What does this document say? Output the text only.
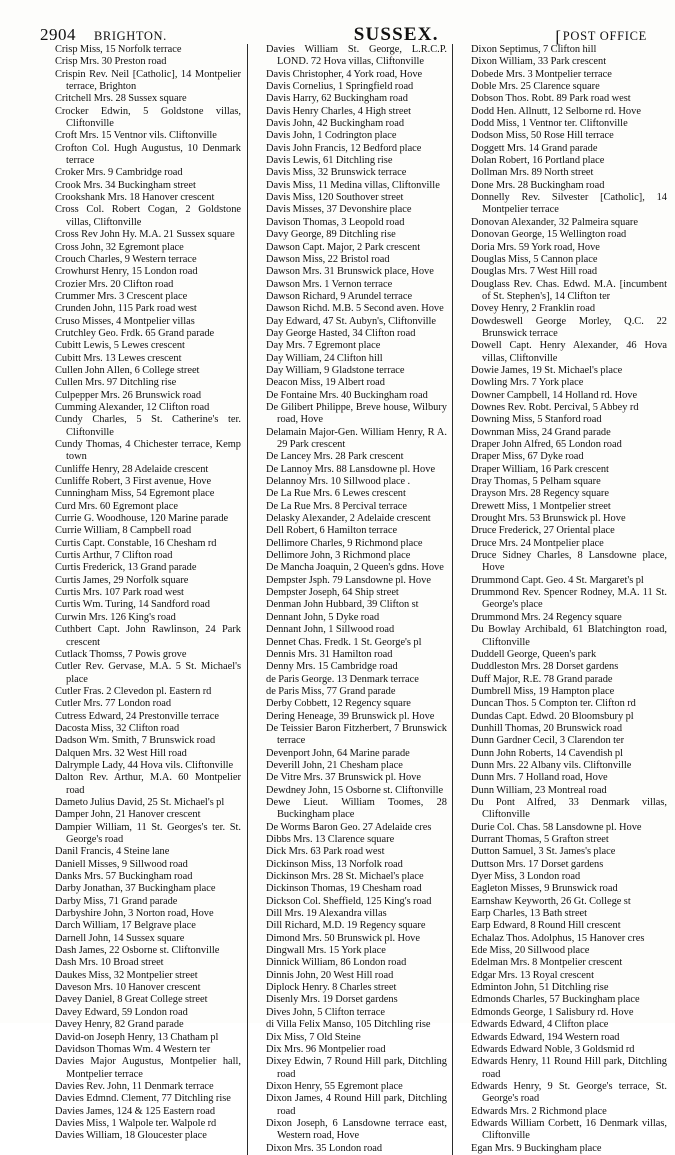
2904 BRIGHTON.	SUSSEX.	[POST OFFICE

Crisp Miss, 15 Norfolk terrace

Crisp Mrs. 30 Preston road

Crispin Rev. Neil [Catholic], 14 Montpelier terrace, Brighton

Critchell Mrs. 28 Sussex square

Crocker Edwin, 5 Goldstone villas, Cliftonville

Croft Mrs. 15 Ventnor vils. Cliftonville

Crofton Col. Hugh Augustus, 10 Denmark terrace

Croker Mrs. 9 Cambridge road

Crook Mrs. 34 Buckingham street

Crookshank Mrs. 18 Hanover crescent

Cross Col. Robert Cogan, 2 Goldstone villas, Cliftonville

Cross Rev John Hy. M.A. 21 Sussex square

Cross John, 32 Egremont place

Crouch Charles, 9 Western terrace

Crowhurst Henry, 15 London road

Crozier Mrs. 20 Clifton road

Crummer Mrs. 3 Crescent place

Crunden John, 115 Park road west

Cruso Misses, 4 Montpelier villas

Crutchley Geo. Frdk. 65 Grand parade

Cubitt Lewis, 5 Lewes crescent

Cubitt Mrs. 13 Lewes crescent

Cullen John Allen, 6 College street

Cullen Mrs. 97 Ditchling rise

Culpepper Mrs. 26 Brunswick road

Cumming Alexander, 12 Clifton road

Cundy Charles, 5 St. Catherine's ter. Cliftonville

Cundy Thomas, 4 Chichester terrace, Kemp town

Cunliffe Henry, 28 Adelaide crescent

Cunliffe Robert, 3 First avenue, Hove

Cunningham Miss, 54 Egremont place

Curd Mrs. 60 Egremont place

Currie G. Woodhouse, 120 Marine parade

Currie William, 8 Campbell road

Curtis Capt. Constable, 16 Chesham rd

Curtis Arthur, 7 Clifton road

Curtis Frederick, 13 Grand parade

Curtis James, 29 Norfolk square

Curtis Mrs. 107 Park road west

Curtis Wm. Turing, 14 Sandford road

Curwin Mrs. 126 King's road

Cuthbert Capt. John Rawlinson, 24 Park crescent

Cutlack Thomss, 7 Powis grove

Cutler Rev. Gervase, M.A. 5 St. Michael's place

Cutler Fras. 2 Clevedon pl. Eastern rd

Cutler Mrs. 77 London road

Cutress Edward, 24 Prestonville terrace

Dacosta Miss, 32 Clifton road

Dadson Wm. Smith, 7 Brunswick road

Dalquen Mrs. 32 West Hill road

Dalrymple Lady, 44 Hova vils. Cliftonville

Dalton Rev. Arthur, M.A. 60 Montpelier road

Dameto Julius David, 25 St. Michael's pl

Damper John, 21 Hanover crescent

Dampier William, 11 St. Georges's ter. St. George's road

Danil Francis, 4 Steine lane

Daniell Misses, 9 Sillwood road

Danks Mrs. 57 Buckingham road

Darby Jonathan, 37 Buckingham place

Darby Miss, 71 Grand parade

Darbyshire John, 3 Norton road, Hove

Darch William, 17 Belgrave place

Darnell John, 14 Sussex square

Dash James, 22 Osborne st. Cliftonville

Dash Mrs. 10 Broad street

Daukes Miss, 32 Montpelier street

Daveson Mrs. 10 Hanover crescent

Davey Daniel, 8 Great College street

Davey Edward, 59 London road

Davey Henry, 82 Grand parade

David-on Joseph Henry, 13 Chatham pl

Davidson Thomas Wm. 4 Western ter

Davies Major Augustus, Montpelier hall, Montpelier terrace

Davies Rev. John, 11 Denmark terrace

Davies Edmnd. Clement, 77 Ditchling rise

Davies James, 124 & 125 Eastern road

Davies Miss, 1 Walpole ter. Walpole rd

Davies William, 18 Gloucester place

Davies William St. George, L.R.C.P. LOND. 72 Hova villas, Cliftonville

Davis Christopher, 4 York road, Hove

Davis Cornelius, 1 Springfield road

Davis Harry, 62 Buckingham road

Davis Henry Charles, 4 High street

Davis John, 42 Buckingham road

Davis John, 1 Codrington place

Davis John Francis, 12 Bedford place

Davis Lewis, 61 Ditchling rise

Davis Miss, 32 Brunswick terrace

Davis Miss, 11 Medina villas, Cliftonville

Davis Miss, 120 Southover street

Davis Misses, 37 Devonshire place

Davison Thomas, 3 Leopold road

Davy George, 89 Ditchling rise

Dawson Capt. Major, 2 Park crescent

Dawson Miss, 22 Bristol road

Dawson Mrs. 31 Brunswick place, Hove

Dawson Mrs. 1 Vernon terrace

Dawson Richard, 9 Arundel terrace

Dawson Richd. M.B. 5 Second aven. Hove

Day Edward, 47 St. Aubyn's, Cliftonville

Day George Hasted, 34 Clifton road

Day Mrs. 7 Egremont place

Day William, 24 Clifton hill

Day William, 9 Gladstone terrace

Deacon Miss, 19 Albert road

De Fontaine Mrs. 40 Buckingham road

De Gilibert Philippe, Breve house, Wilbury road, Hove

Delamain Major-Gen. William Henry, R A. 29 Park crescent

De Lancey Mrs. 28 Park crescent

De Lannoy Mrs. 88 Lansdowne pl. Hove

Delannoy Mrs. 10 Sillwood place .

De La Rue Mrs. 6 Lewes crescent

De La Rue Mrs. 8 Percival terrace

Delasky Alexander, 2 Adelaide crescent

Dell Robert, 6 Hamilton terrace

Dellimore Charles, 9 Richmond place

Dellimore John, 3 Richmond place

De Mancha Joaquin, 2 Queen's gdns. Hove

Dempster Jsph. 79 Lansdowne pl. Hove

Dempster Joseph, 64 Ship street

Denman John Hubbard, 39 Clifton st

Dennant John, 5 Dyke road

Dennant John, 1 Sillwood road

Dennet Chas. Fredk. 1 St. George's pl

Dennis Mrs. 31 Hamilton road

Denny Mrs. 15 Cambridge road

de Paris George. 13 Denmark terrace

de Paris Miss, 77 Grand parade

Derby Cobbett, 12 Regency square

Dering Heneage, 39 Brunswick pl. Hove

De Teissier Baron Fitzherbert, 7 Brunswick terrace

Devenport John, 64 Marine parade

Deverill John, 21 Chesham place

De Vitre Mrs. 37 Brunswick pl. Hove

Dewdney John, 15 Osborne st. Cliftonville

Dewe Lieut. William Toomes, 28 Buckingham place

De Worms Baron Geo. 27 Adelaide cres

Dibbs Mrs. 13 Clarence square

Dick Mrs. 63 Park road west

Dickinson Miss, 13 Norfolk road

Dickinson Mrs. 28 St. Michael's place

Dickinson Thomas, 19 Chesham road

Dickson Col. Sheffield, 125 King's road

Dill Mrs. 19 Alexandra villas

Dill Richard, M.D. 19 Regency square

Dimond Mrs. 50 Brunswick pl. Hove

Dingwall Mrs. 15 York place

Dinnick William, 86 London road

Dinnis John, 20 West Hill road

Diplock Henry. 8 Charles street

Disenly Mrs. 19 Dorset gardens

Dives John, 5 Clifton terrace

di Villa Felix Manso, 105 Ditchling rise

Dix Miss, 7 Old Steine

Dix Mrs. 96 Montpelier road

Dixey Edwin, 7 Round Hill park, Ditchling road

Dixon Henry, 55 Egremont place

Dixon James, 4 Round Hill park, Ditchling road

Dixon Joseph, 6 Lansdowne terrace east, Western road, Hove

Dixon Mrs. 35 London road

Dixon Septimus, 7 Clifton hill

Dixon William, 33 Park crescent

Dobede Mrs. 3 Montpelier terrace

Doble Mrs. 25 Clarence square

Dobson Thos. Robt. 89 Park road west

Dodd Hen. Allnutt, 12 Selborne rd. Hove

Dodd Miss, 1 Ventnor ter. Cliftonville

Dodson Miss, 50 Rose Hill terrace

Doggett Mrs. 14 Grand parade

Dolan Robert, 16 Portland place

Dollman Mrs. 89 North street

Done Mrs. 28 Buckingham road

Donnelly Rev. Silvester [Catholic], 14 Montpelier terrace

Donovan Alexander, 32 Palmeira square

Donovan George, 15 Wellington road

Doria Mrs. 59 York road, Hove

Douglas Miss, 5 Cannon place

Douglas Mrs. 7 West Hill road

Douglass Rev. Chas. Edwd. M.A. [incumbent of St. Stephen's], 14 Clifton ter

Dovey Henry, 2 Franklin road

Dowdeswell George Morley, Q.C. 22 Brunswick terrace

Dowell Capt. Henry Alexander, 46 Hova villas, Cliftonville

Dowie James, 19 St. Michael's place

Dowling Mrs. 7 York place

Downer Campbell, 14 Holland rd. Hove

Downes Rev. Robt. Percival, 5 Abbey rd

Downing Miss, 5 Stanford road

Downman Miss, 24 Grand parade

Draper John Alfred, 65 London road

Draper Miss, 67 Dyke road

Draper William, 16 Park crescent

Dray Thomas, 5 Pelham square

Drayson Mrs. 28 Regency square

Drewett Miss, 1 Montpelier street

Drought Mrs. 53 Brunswick pl. Hove

Druce Frederick, 27 Oriental place

Druce Mrs. 24 Montpelier place

Druce Sidney Charles, 8 Lansdowne place, Hove

Drummond Capt. Geo. 4 St. Margaret's pl

Drummond Rev. Spencer Rodney, M.A. 11 St. George's place

Drummond Mrs. 24 Regency square

Du Bowlay Archibald, 61 Blatchington road, Cliftonville

Duddell George, Queen's park

Duddleston Mrs. 28 Dorset gardens

Duff Major, R.E. 78 Grand parade

Dumbrell Miss, 19 Hampton place

Duncan Thos. 5 Compton ter. Clifton rd

Dundas Capt. Edwd. 20 Bloomsbury pl

Dunhill Thomas, 20 Brunswick road

Dunn Gardner Cecil, 3 Clarendon ter

Dunn John Roberts, 14 Cavendish pl

Dunn Mrs. 22 Albany vils. Cliftonville

Dunn Mrs. 7 Holland road, Hove

Dunn William, 23 Montreal road

Du Pont Alfred, 33 Denmark villas, Cliftonville

Durie Col. Chas. 58 Lansdowne pl. Hove

Durrant Thomas, 5 Grafton street

Dutton Samuel, 3 St. James's place

Duttson Mrs. 17 Dorset gardens

Dyer Miss, 3 London road

Eagleton Misses, 9 Brunswick road

Earnshaw Keyworth, 26 Gt. College st

Earp Charles, 13 Bath street

Earp Edward, 8 Round Hill crescent

Echalaz Thos. Adolphus, 15 Hanover cres

Ede Miss, 20 Sillwood place

Edelman Mrs. 8 Montpelier crescent

Edgar Mrs. 13 Royal crescent

Edminton John, 51 Ditchling rise

Edmonds Charles, 57 Buckingham place

Edmonds George, 1 Salisbury rd. Hove

Edwards Edward, 4 Clifton place

Edwards Edward, 194 Western road

Edwards Edward Noble, 3 Goldsmid rd

Edwards Henry, 11 Round Hill park, Ditchling road

Edwards Henry, 9 St. George's terrace, St. George's road

Edwards Mrs. 2 Richmond place

Edwards William Corbett, 16 Denmark villas, Cliftonville

Egan Mrs. 9 Buckingham place
